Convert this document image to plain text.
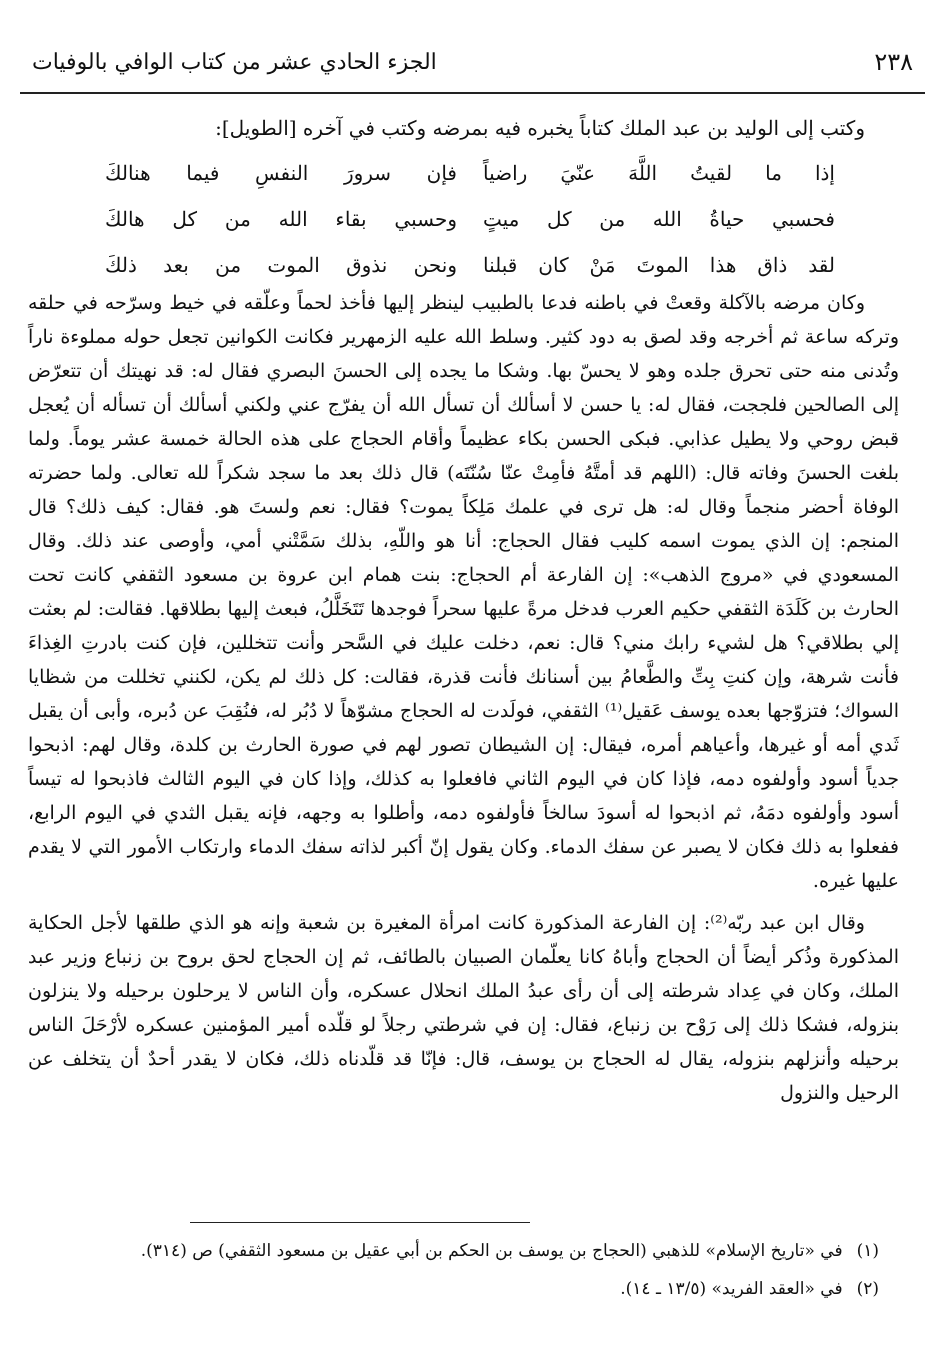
٢٣٨
الجزء الحادي عشر من كتاب الوافي بالوفيات
وكتب إلى الوليد بن عبد الملك كتاباً يخبره فيه بمرضه وكتب في آخره [الطويل]:
إذا ما لقيتُ اللَّهَ عنّيَ راضياً
فإن سرورَ النفسِ فيما هنالكَ
فحسبي حياةُ الله من كل ميتٍ
وحسبي بقاء الله من كل هالكَ
لقد ذاق هذا الموتَ مَنْ كان قبلنا
ونحن نذوق الموت من بعد ذلكَ

وكان مرضه بالآكلة وقعتْ في باطنه فدعا بالطبيب لينظر إليها فأخذ لحماً وعلّقه في خيط وسرّحه في حلقه وتركه ساعة ثم أخرجه وقد لصق به دود كثير. وسلط الله عليه الزمهرير فكانت الكوانين تجعل حوله مملوءة ناراً وتُدنى منه حتى تحرق جلده وهو لا يحسّ بها. وشكا ما يجده إلى الحسنَ البصري فقال له: قد نهيتك أن تتعرّض إلى الصالحين فلججت، فقال له: يا حسن لا أسألك أن تسأل الله أن يفرّج عني ولكني أسألك أن تسأله أن يُعجل قبض روحي ولا يطيل عذابي. فبكى الحسن بكاء عظيماً وأقام الحجاج على هذه الحالة خمسة عشر يوماً. ولما بلغت الحسنَ وفاته قال: (اللهم قد أمتَّهُ فأمِتْ عنّا سُنّتَه) قال ذلك بعد ما سجد شكراً لله تعالى. ولما حضرته الوفاة أحضر منجماً وقال له: هل ترى في علمك مَلِكاً يموت؟ فقال: نعم ولستَ هو. فقال: كيف ذلك؟ قال المنجم: إن الذي يموت اسمه كليب فقال الحجاج: أنا هو واللّهِ، بذلك سَمَّتْني أمي، وأوصى عند ذلك. وقال المسعودي في «مروج الذهب»: إن الفارعة أم الحجاج: بنت همام ابن عروة بن مسعود الثقفي كانت تحت الحارث بن كَلَدَة الثقفي حكيم العرب فدخل مرةً عليها سحراً فوجدها تَتَخَلَّلُ، فبعث إليها بطلاقها. فقالت: لم بعثت إلي بطلاقي؟ هل لشيء رابك مني؟ قال: نعم، دخلت عليك في السَّحر وأنت تتخللين، فإن كنت بادرتِ الغِذاءَ فأنت شرهة، وإن كنتِ بِتِّ والطَّعامُ بين أسنانك فأنت قذرة، فقالت: كل ذلك لم يكن، لكنني تخللت من شظايا السواك؛ فتزوّجها بعده يوسف عَقيل⁽¹⁾ الثقفي، فولَدت له الحجاج مشوّهاً لا دُبُر له، فنُقِبَ عن دُبره، وأبى أن يقبل ثَدي أمه أو غيرها، وأعياهم أمره، فيقال: إن الشيطان تصور لهم في صورة الحارث بن كلدة، وقال لهم: اذبحوا جدياً أسود وأولفوه دمه، فإذا كان في اليوم الثاني فافعلوا به كذلك، وإذا كان في اليوم الثالث فاذبحوا له تيساً أسود وأولفوه دمَهُ، ثم اذبحوا له أسودَ سالخاً فأولفوه دمه، وأطلوا به وجهه، فإنه يقبل الثدي في اليوم الرابع، ففعلوا به ذلك فكان لا يصبر عن سفك الدماء. وكان يقول إنّ أكبر لذاته سفك الدماء وارتكاب الأمور التي لا يقدم عليها غيره.

وقال ابن عبد ربّه⁽²⁾: إن الفارعة المذكورة كانت امرأة المغيرة بن شعبة وإنه هو الذي طلقها لأجل الحكاية المذكورة وذُكر أيضاً أن الحجاج وأباهُ كانا يعلّمان الصبيان بالطائف، ثم إن الحجاج لحق بروح بن زنباع وزير عبد الملك، وكان في عِداد شرطته إلى أن رأى عبدُ الملك انحلال عسكره، وأن الناس لا يرحلون برحيله ولا ينزلون بنزوله، فشكا ذلك إلى رَوْح بن زنباع، فقال: إن في شرطتي رجلاً لو قلّده أمير المؤمنين عسكره لأرْحَلَ الناس برحيله وأنزلهم بنزوله، يقال له الحجاج بن يوسف، قال: فإنّا قد قلّدناه ذلك، فكان لا يقدر أحدٌ أن يتخلف عن الرحيل والنزول

(١)
في «تاريخ الإسلام» للذهبي (الحجاج بن يوسف بن الحكم بن أبي عقيل بن مسعود الثقفي) ص (٣١٤).
(٢)
في «العقد الفريد» (١٣/٥ ـ ١٤).
